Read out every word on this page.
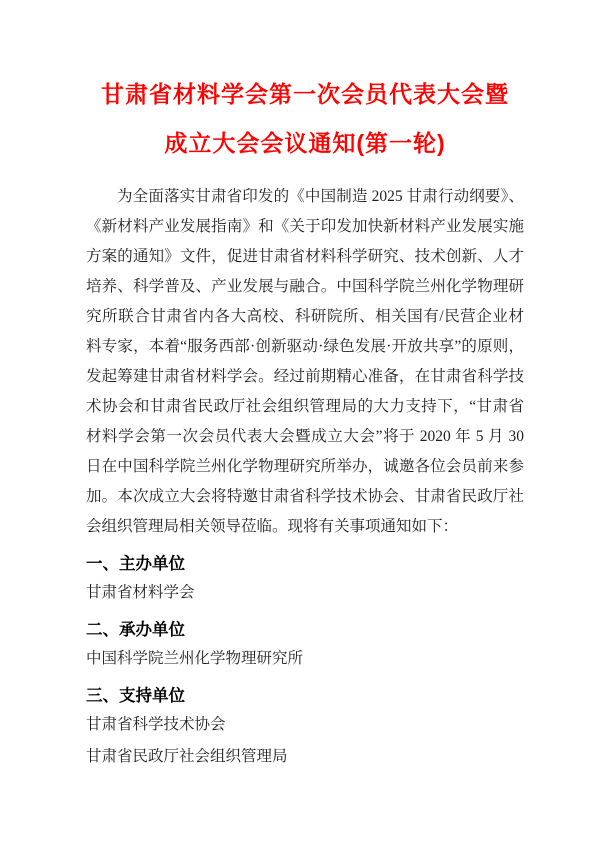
甘肃省材料学会第一次会员代表大会暨
成立大会会议通知(第一轮)

为全面落实甘肃省印发的《中国制造 2025 甘肃行动纲要》、《新材料产业发展指南》和《关于印发加快新材料产业发展实施方案的通知》文件，促进甘肃省材料科学研究、技术创新、人才培养、科学普及、产业发展与融合。中国科学院兰州化学物理研究所联合甘肃省内各大高校、科研院所、相关国有/民营企业材料专家，本着“服务西部·创新驱动·绿色发展·开放共享”的原则，发起筹建甘肃省材料学会。经过前期精心准备，在甘肃省科学技术协会和甘肃省民政厅社会组织管理局的大力支持下，“甘肃省材料学会第一次会员代表大会暨成立大会”将于 2020 年 5 月 30 日在中国科学院兰州化学物理研究所举办，诚邀各位会员前来参加。本次成立大会将特邀甘肃省科学技术协会、甘肃省民政厅社会组织管理局相关领导莅临。现将有关事项通知如下：

一、主办单位

甘肃省材料学会

二、承办单位

中国科学院兰州化学物理研究所

三、支持单位

甘肃省科学技术协会

甘肃省民政厅社会组织管理局
